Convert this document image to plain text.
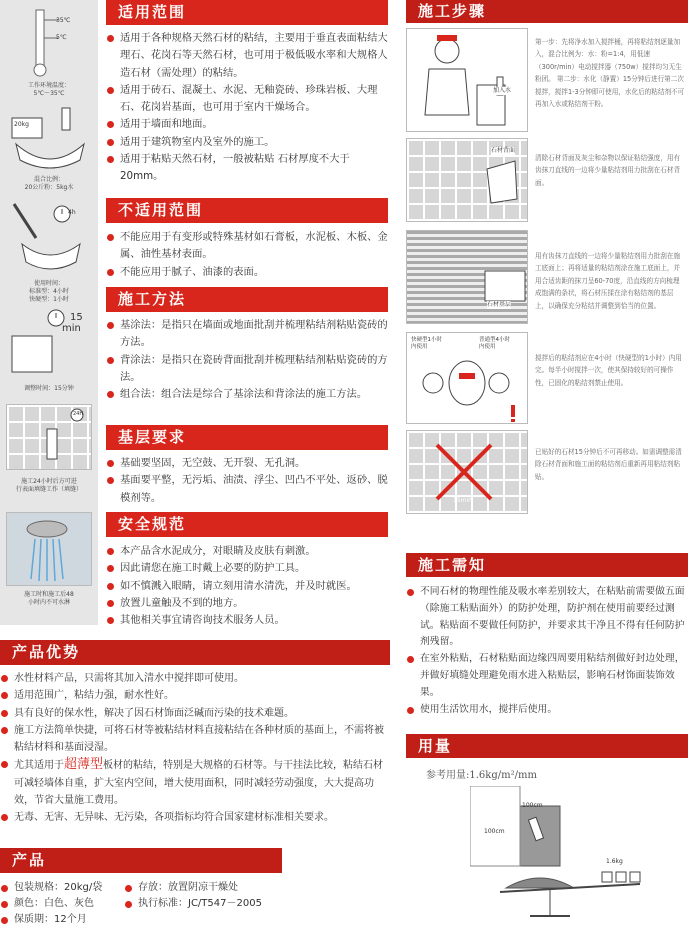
35℃
5℃
工作环境温度：
5℃～35℃
20kg
混合比例：
20公斤粉：5kg水
4h
使用时间：
标准型：4小时
快硬型：1小时
15
min
调整时间：15分钟
24H
施工24小时后方可进
行表面填缝工作（填缝）
施工时和施工后48
小时内不可水淋
适用范围
适用于各种规格天然石材的粘结，主要用于垂直表面粘结大理石、花岗石等天然石材，也可用于极低吸水率和大规格人造石材（需处理）的粘结。
适用于砖石、混凝土、水泥、无釉瓷砖、珍珠岩板、大理石、花岗岩基面，也可用于室内干燥场合。
适用于墙面和地面。
适用于建筑物室内及室外的施工。
适用于粘贴天然石材，一般被粘贴 石材厚度不大于20mm。
不适用范围
不能应用于有变形或特殊基材如石膏板，水泥板、木板、金属、油性基材表面。
不能应用于腻子、油漆的表面。
施工方法
基涂法：是指只在墙面或地面批刮并梳理粘结剂粘贴瓷砖的方法。
背涂法：是指只在瓷砖背面批刮并梳理粘结剂粘贴瓷砖的方法。
组合法：组合法是综合了基涂法和背涂法的施工方法。
基层要求
基础要坚固，无空鼓、无开裂、无孔洞。
基面要平整，无污垢、油渍、浮尘、凹凸不平处、返砂、脱模剂等。
安全规范
本产品含水泥成分，对眼睛及皮肤有刺激。
因此请您在施工时戴上必要的防护工具。
如不慎溅入眼睛，请立刻用清水清洗，并及时就医。
放置儿童触及不到的地方。
其他相关事宜请咨询技术服务人员。
产品优势
水性材料产品，只需将其加入清水中搅拌即可使用。
适用范围广，粘结力强，耐水性好。
具有良好的保水性，解决了因石材饰面泛碱而污染的技术难题。
施工方法简单快捷，可将石材等被粘结材料直接粘结在各种材质的基面上，不需将被粘结材料和基面浸湿。
尤其适用于超薄型板材的粘结，特别是大规格的石材等。与干挂法比较，粘结石材可减轻墙体自重，扩大室内空间，增大使用面积，同时减轻劳动强度，大大提高功效，节省大量施工费用。
无毒、无害、无异味、无污染，各项指标均符合国家建材标准相关要求。
产品
包装规格：20kg/袋
颜色：白色、灰色
保质期：12个月
存放：放置阴凉干燥处
执行标准：JC/T547－2005
施工步骤
加入水
第一步：先将净水加入搅拌桶，再将粘结剂逐量加入，混合比例为：水：粉=1:4，用低速（300r/min）电动搅拌器（750w）搅拌均匀无生粉团。 第二步：水化（静置）15分钟后进行第二次搅拌，搅拌1-3分钟即可使用，水化后的粘结剂不可再加入水或粘结剂干粉。
石材背面
清除石材背面及灰尘和杂物以保证粘结强度，用有齿抹刀直线的一边将少量粘结剂用力批刮在石材背面。
石材基层
用有齿抹刀直线的一边将少量粘结剂用力批刮在施工底面上；再将适量的粘结剂涂在施工底面上，并用合适齿距的抹刀呈60-70度，沿直线的方向梳理成饱满的条状，将石材压揉在涂有粘结剂的基层上，以确保充分粘结并调整到恰当的位置。
快硬型1小时
内使用
普通型4小时
内使用
搅拌后的粘结剂应在4小时（快硬型的1小时）内用完。每半小时搅拌一次，使其保持较好的可操作性，已固化的粘结剂禁止使用。
15min
已贴好的石材15分钟后不可再移动。如需调整需清除石材背面和施工面的粘结剂后重新再用粘结剂粘贴。
施工需知
不同石材的物理性能及吸水率差别较大，在粘贴前需要做五面（除施工粘贴面外）的防护处理，防护剂在使用前要经过测试。粘贴面不要做任何防护，并要求其干净且不得有任何防护剂残留。
在室外粘贴，石材粘贴面边缘四周要用粘结剂做好封边处理，并做好填缝处理避免雨水进入粘贴层，影响石材饰面装饰效果。
使用生活饮用水，搅拌后使用。
用量
参考用量:1.6kg/m²/mm
100cm
100cm
1.6kg
